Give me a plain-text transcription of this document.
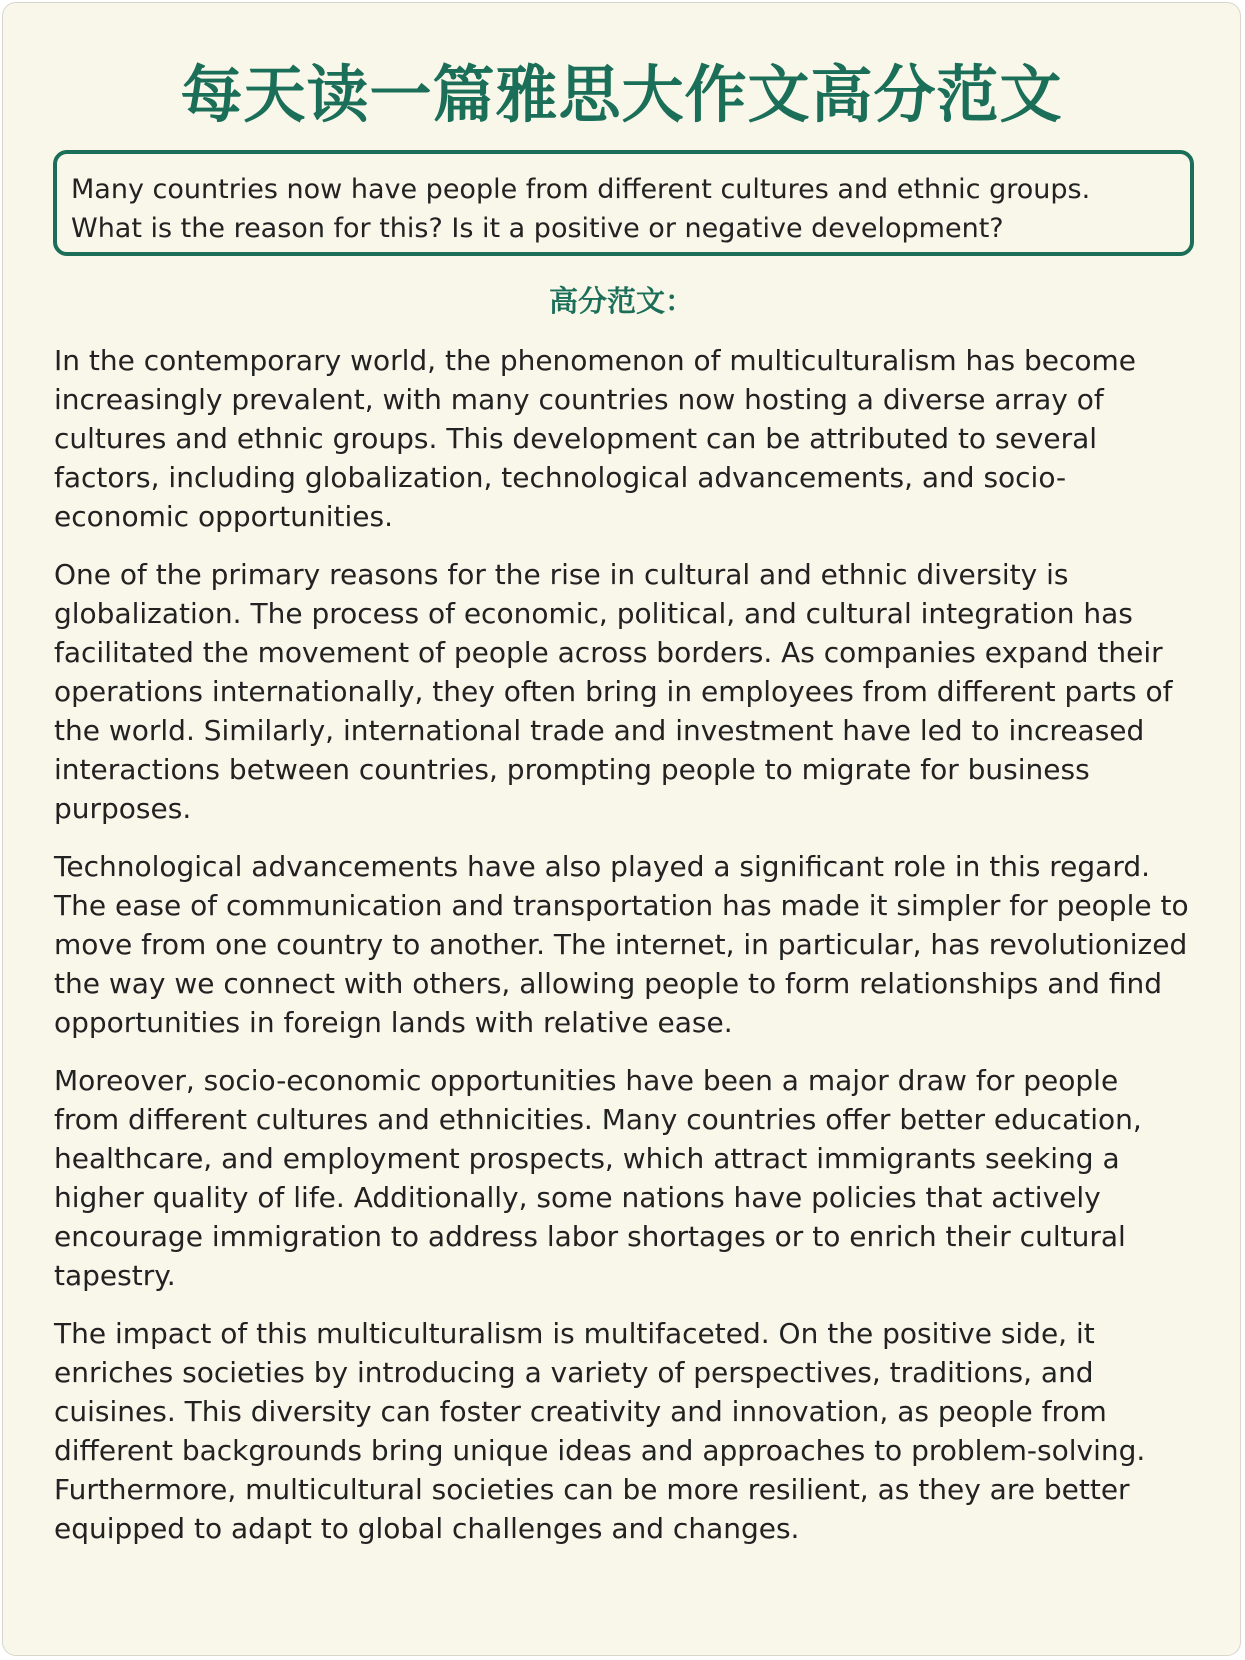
每天读一篇雅思大作文高分范文
Many countries now have people from different cultures and ethnic groups.
What is the reason for this? Is it a positive or negative development?
高分范文：

In the contemporary world, the phenomenon of multiculturalism has become
increasingly prevalent, with many countries now hosting a diverse array of
cultures and ethnic groups. This development can be attributed to several
factors, including globalization, technological advancements, and socio-
economic opportunities.

One of the primary reasons for the rise in cultural and ethnic diversity is
globalization. The process of economic, political, and cultural integration has
facilitated the movement of people across borders. As companies expand their
operations internationally, they often bring in employees from different parts of
the world. Similarly, international trade and investment have led to increased
interactions between countries, prompting people to migrate for business
purposes.

Technological advancements have also played a significant role in this regard.
The ease of communication and transportation has made it simpler for people to
move from one country to another. The internet, in particular, has revolutionized
the way we connect with others, allowing people to form relationships and find
opportunities in foreign lands with relative ease.

Moreover, socio-economic opportunities have been a major draw for people
from different cultures and ethnicities. Many countries offer better education,
healthcare, and employment prospects, which attract immigrants seeking a
higher quality of life. Additionally, some nations have policies that actively
encourage immigration to address labor shortages or to enrich their cultural
tapestry.

The impact of this multiculturalism is multifaceted. On the positive side, it
enriches societies by introducing a variety of perspectives, traditions, and
cuisines. This diversity can foster creativity and innovation, as people from
different backgrounds bring unique ideas and approaches to problem-solving.
Furthermore, multicultural societies can be more resilient, as they are better
equipped to adapt to global challenges and changes.
